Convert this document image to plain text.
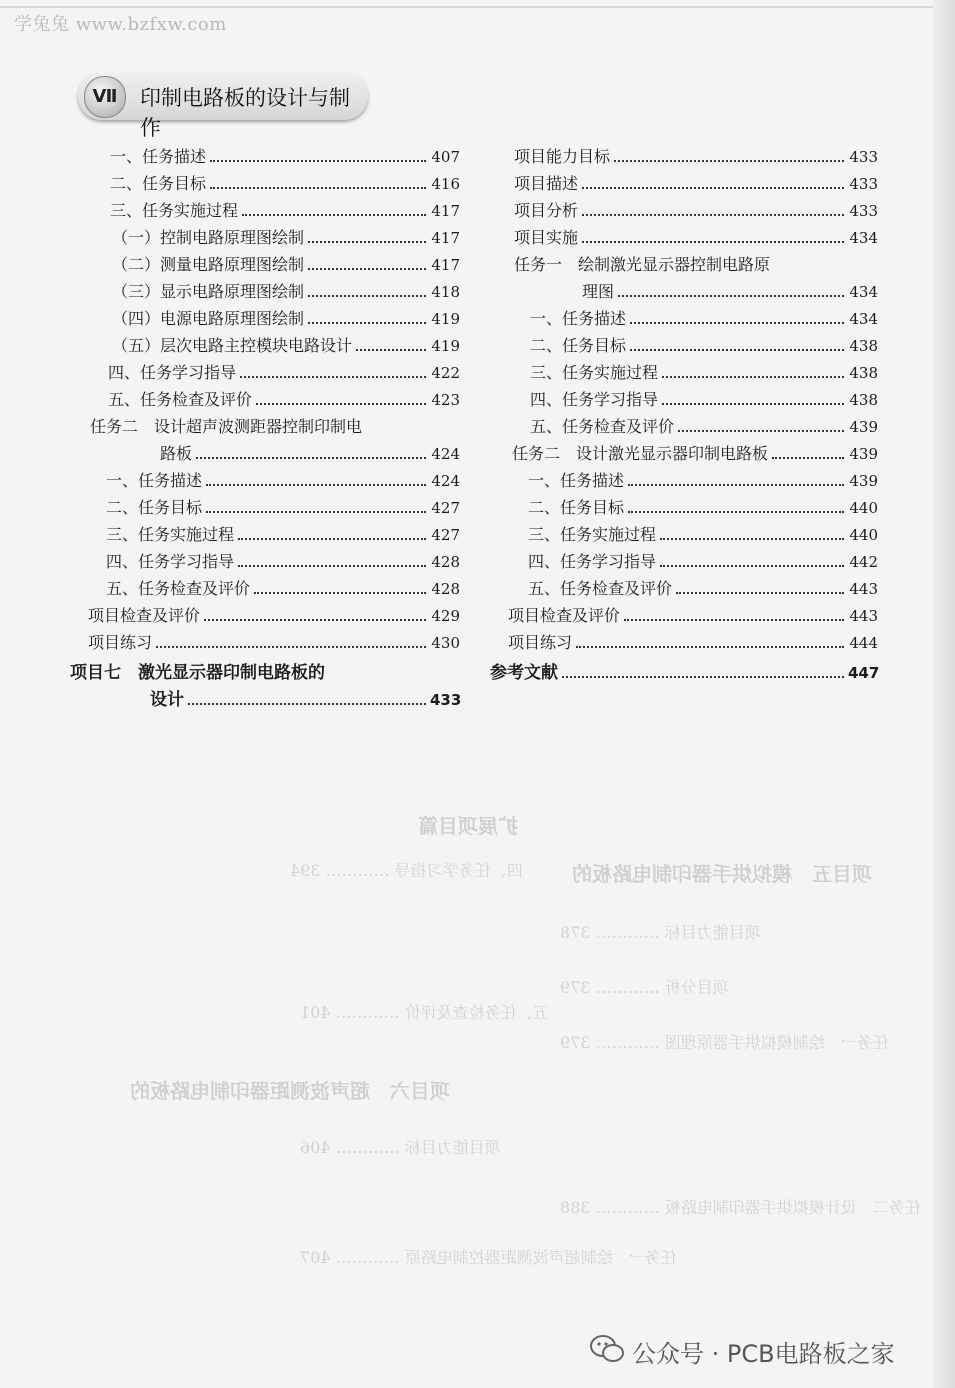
学兔兔 www.bzfxw.com
Ⅶ	印制电路板的设计与制作
扩展项目篇
项目五　模拟烘手器印制电路板的
项目六　超声波测距器印制电路板的
四、任务学习指导 ………… 394
项目能力目标 ………… 378
项目分析 ………… 379
五、任务检查及评价 ………… 401
任务一　绘制模拟烘手器原理图 ………… 379
项目能力目标 ………… 406
任务二　设计模拟烘手器印制电路板 ………… 388
任务一　绘制超声波测距器控制电路原 ………… 407
一、任务描述	407
二、任务目标	416
三、任务实施过程	417
（一）控制电路原理图绘制	417
（二）测量电路原理图绘制	417
（三）显示电路原理图绘制	418
（四）电源电路原理图绘制	419
（五）层次电路主控模块电路设计	419
四、任务学习指导	422
五、任务检查及评价	423
任务二　设计超声波测距器控制印制电
路板	424
一、任务描述	424
二、任务目标	427
三、任务实施过程	427
四、任务学习指导	428
五、任务检查及评价	428
项目检查及评价	429
项目练习	430
项目七　激光显示器印制电路板的
设计	433
项目能力目标	433
项目描述	433
项目分析	433
项目实施	434
任务一　绘制激光显示器控制电路原
理图	434
一、任务描述	434
二、任务目标	438
三、任务实施过程	438
四、任务学习指导	438
五、任务检查及评价	439
任务二　设计激光显示器印制电路板	439
一、任务描述	439
二、任务目标	440
三、任务实施过程	440
四、任务学习指导	442
五、任务检查及评价	443
项目检查及评价	443
项目练习	444
参考文献	447
公众号 · PCB电路板之家
